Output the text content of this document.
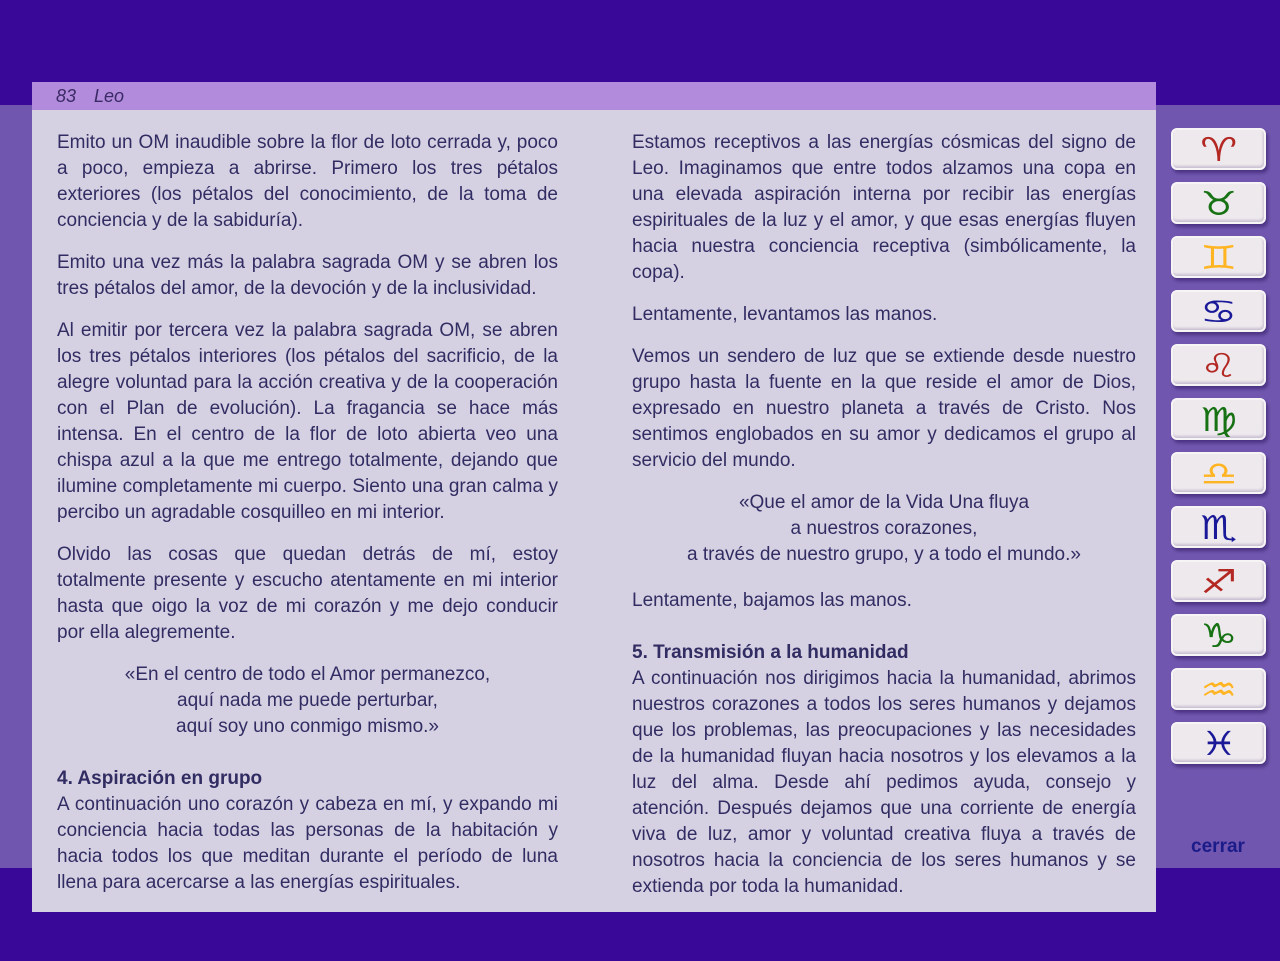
83 Leo

Emito un OM inaudible sobre la flor de loto cerrada y, poco a poco, empieza a abrirse. Primero los tres pétalos exteriores (los pétalos del conocimiento, de la toma de conciencia y de la sabiduría).

Emito una vez más la palabra sagrada OM y se abren los tres pétalos del amor, de la devoción y de la inclusividad.

Al emitir por tercera vez la palabra sagrada OM, se abren los tres pétalos interiores (los pétalos del sacrificio, de la alegre voluntad para la acción creativa y de la cooperación con el Plan de evolución). La fragancia se hace más intensa. En el centro de la flor de loto abierta veo una chispa azul a la que me entrego totalmente, dejando que ilumine completamente mi cuerpo. Siento una gran calma y percibo un agradable cosquilleo en mi interior.

Olvido las cosas que quedan detrás de mí, estoy totalmente presente y escucho atentamente en mi interior hasta que oigo la voz de mi corazón y me dejo conducir por ella alegremente.

«En el centro de todo el Amor permanezco,
aquí nada me puede perturbar,
aquí soy uno conmigo mismo.»

4. Aspiración en grupo

A continuación uno corazón y cabeza en mí, y expando mi conciencia hacia todas las personas de la habitación y hacia todos los que meditan durante el período de luna llena para acercarse a las energías espirituales.

Estamos receptivos a las energías cósmicas del signo de Leo. Imaginamos que entre todos alzamos una copa en una elevada aspiración interna por recibir las energías espirituales de la luz y el amor, y que esas energías fluyen hacia nuestra conciencia receptiva (simbólicamente, la copa).

Lentamente, levantamos las manos.

Vemos un sendero de luz que se extiende desde nuestro grupo hasta la fuente en la que reside el amor de Dios, expresado en nuestro planeta a través de Cristo. Nos sentimos englobados en su amor y dedicamos el grupo al servicio del mundo.

«Que el amor de la Vida Una fluya
a nuestros corazones,
a través de nuestro grupo, y a todo el mundo.»

Lentamente, bajamos las manos.

5. Transmisión a la humanidad

A continuación nos dirigimos hacia la humanidad, abrimos nuestros corazones a todos los seres humanos y dejamos que los problemas, las preocupaciones y las necesidades de la humanidad fluyan hacia nosotros y los elevamos a la luz del alma. Desde ahí pedimos ayuda, consejo y atención. Después dejamos que una corriente de energía viva de luz, amor y voluntad creativa fluya a través de nosotros hacia la conciencia de los seres humanos y se extienda por toda la humanidad.

♈
♉
♊
♋
♌
♍
♎
♏
♐
♑
♒
♓
cerrar
